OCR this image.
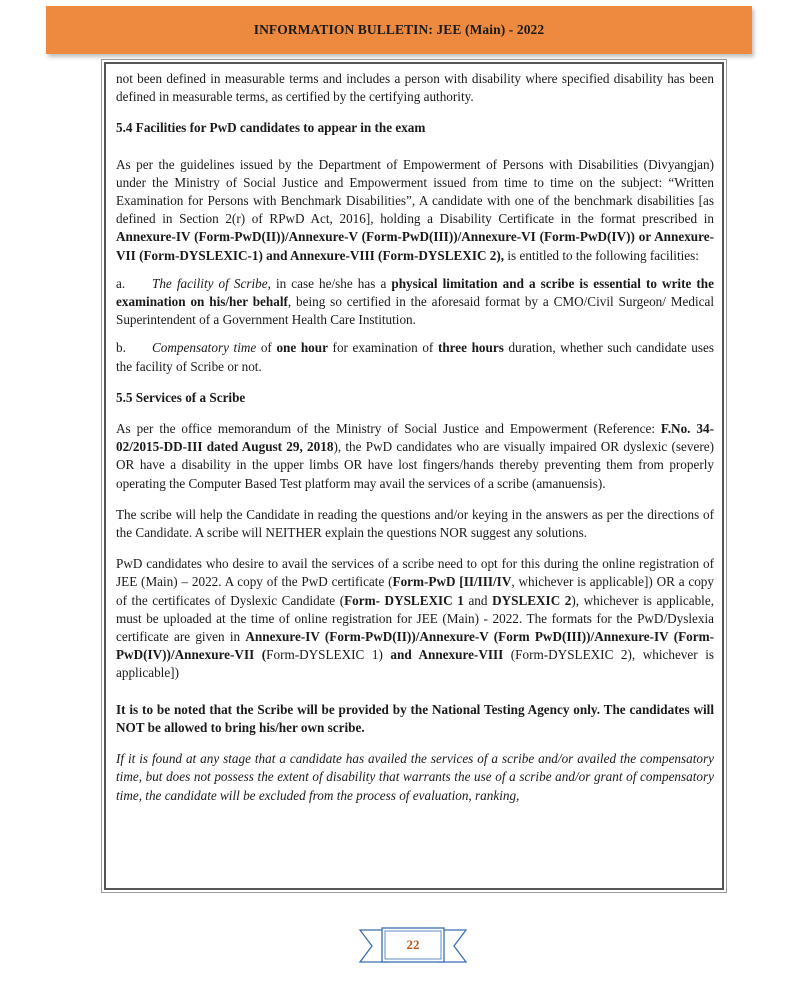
INFORMATION BULLETIN: JEE (Main) - 2022

not been defined in measurable terms and includes a person with disability where specified disability has been defined in measurable terms, as certified by the certifying authority.

5.4 Facilities for PwD candidates to appear in the exam

As per the guidelines issued by the Department of Empowerment of Persons with Disabilities (Divyangjan) under the Ministry of Social Justice and Empowerment issued from time to time on the subject: “Written Examination for Persons with Benchmark Disabilities”, A candidate with one of the benchmark disabilities [as defined in Section 2(r) of RPwD Act, 2016], holding a Disability Certificate in the format prescribed in Annexure-IV (Form-PwD(II))/Annexure-V (Form-PwD(III))/Annexure-VI (Form-PwD(IV)) or Annexure-VII (Form-DYSLEXIC-1) and Annexure-VIII (Form-DYSLEXIC 2), is entitled to the following facilities:

a. The facility of Scribe, in case he/she has a physical limitation and a scribe is essential to write the examination on his/her behalf, being so certified in the aforesaid format by a CMO/Civil Surgeon/ Medical Superintendent of a Government Health Care Institution.

b. Compensatory time of one hour for examination of three hours duration, whether such candidate uses the facility of Scribe or not.

5.5 Services of a Scribe

As per the office memorandum of the Ministry of Social Justice and Empowerment (Reference: F.No. 34-02/2015-DD-III dated August 29, 2018), the PwD candidates who are visually impaired OR dyslexic (severe) OR have a disability in the upper limbs OR have lost fingers/hands thereby preventing them from properly operating the Computer Based Test platform may avail the services of a scribe (amanuensis).

The scribe will help the Candidate in reading the questions and/or keying in the answers as per the directions of the Candidate. A scribe will NEITHER explain the questions NOR suggest any solutions.

PwD candidates who desire to avail the services of a scribe need to opt for this during the online registration of JEE (Main) – 2022. A copy of the PwD certificate (Form-PwD [II/III/IV, whichever is applicable]) OR a copy of the certificates of Dyslexic Candidate (Form- DYSLEXIC 1 and DYSLEXIC 2), whichever is applicable, must be uploaded at the time of online registration for JEE (Main) - 2022. The formats for the PwD/Dyslexia certificate are given in Annexure-IV (Form-PwD(II))/Annexure-V (Form PwD(III))/Annexure-IV (Form-PwD(IV))/Annexure-VII (Form-DYSLEXIC 1) and Annexure-VIII (Form-DYSLEXIC 2), whichever is applicable])

It is to be noted that the Scribe will be provided by the National Testing Agency only. The candidates will NOT be allowed to bring his/her own scribe.

If it is found at any stage that a candidate has availed the services of a scribe and/or availed the compensatory time, but does not possess the extent of disability that warrants the use of a scribe and/or grant of compensatory time, the candidate will be excluded from the process of evaluation, ranking,

22
